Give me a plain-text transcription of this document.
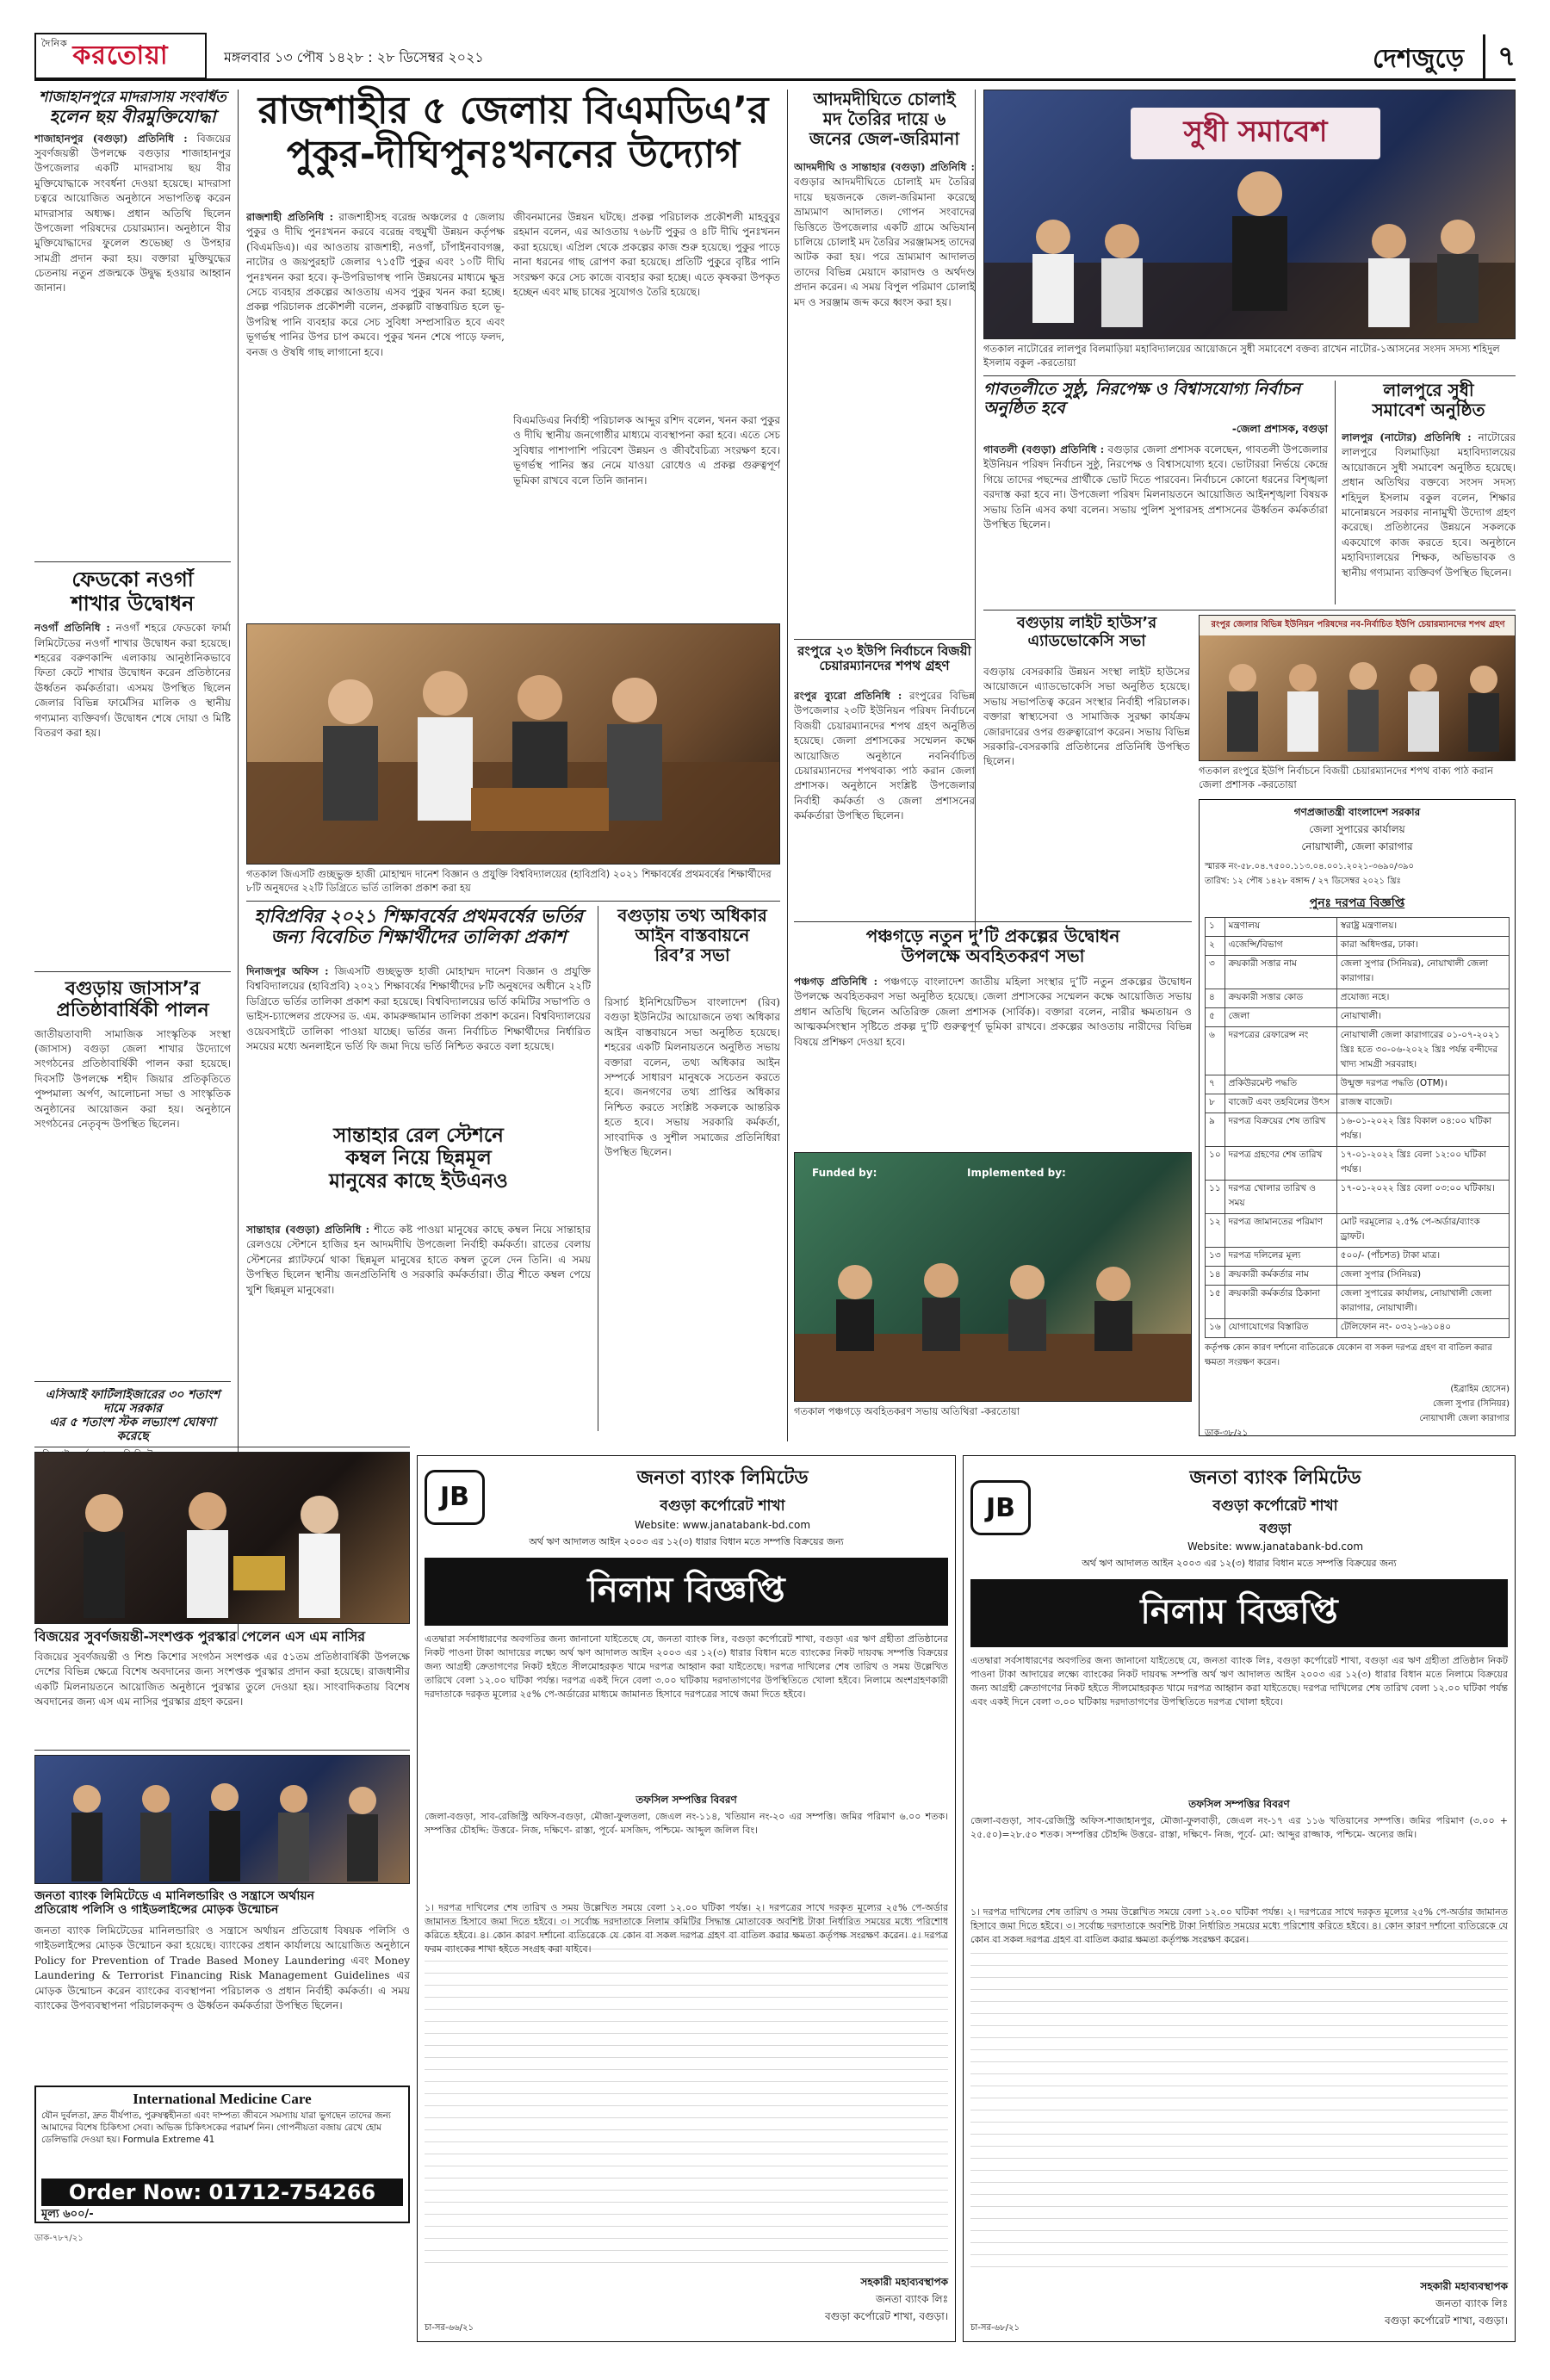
দৈনিক করতোয়া	মঙ্গলবার ১৩ পৌষ ১৪২৮ : ২৮ ডিসেম্বর ২০২১	দেশজুড়ে	৭
শাজাহানপুরে মাদরাসায় সংবর্ধিত
হলেন ছয় বীরমুক্তিযোদ্ধা
শাজাহানপুর (বগুড়া) প্রতিনিধি : বিজয়ের সুবর্ণজয়ন্তী উপলক্ষে বগুড়ার শাজাহানপুর উপজেলার একটি মাদরাসায় ছয় বীর মুক্তিযোদ্ধাকে সংবর্ধনা দেওয়া হয়েছে। মাদরাসা চত্বরে আয়োজিত অনুষ্ঠানে সভাপতিত্ব করেন মাদরাসার অধ্যক্ষ। প্রধান অতিথি ছিলেন উপজেলা পরিষদের চেয়ারম্যান। অনুষ্ঠানে বীর মুক্তিযোদ্ধাদের ফুলেল শুভেচ্ছা ও উপহার সামগ্রী প্রদান করা হয়। বক্তারা মুক্তিযুদ্ধের চেতনায় নতুন প্রজন্মকে উদ্বুদ্ধ হওয়ার আহ্বান জানান।
ফেডকো নওগাঁ
শাখার উদ্বোধন
নওগাঁ প্রতিনিধি : নওগাঁ শহরে ফেডকো ফার্মা লিমিটেডের নওগাঁ শাখার উদ্বোধন করা হয়েছে। শহরের বরুণকান্দি এলাকায় আনুষ্ঠানিকভাবে ফিতা কেটে শাখার উদ্বোধন করেন প্রতিষ্ঠানের ঊর্ধ্বতন কর্মকর্তারা। এসময় উপস্থিত ছিলেন জেলার বিভিন্ন ফার্মেসির মালিক ও স্থানীয় গণ্যমান্য ব্যক্তিবর্গ। উদ্বোধন শেষে দোয়া ও মিষ্টি বিতরণ করা হয়।
বগুড়ায় জাসাস’র
প্রতিষ্ঠাবার্ষিকী পালন
জাতীয়তাবাদী সামাজিক সাংস্কৃতিক সংস্থা (জাসাস) বগুড়া জেলা শাখার উদ্যোগে সংগঠনের প্রতিষ্ঠাবার্ষিকী পালন করা হয়েছে। দিবসটি উপলক্ষে শহীদ জিয়ার প্রতিকৃতিতে পুষ্পমাল্য অর্পণ, আলোচনা সভা ও সাংস্কৃতিক অনুষ্ঠানের আয়োজন করা হয়। অনুষ্ঠানে সংগঠনের নেতৃবৃন্দ উপস্থিত ছিলেন।
এসিআই ফার্টিলাইজারের ৩০ শতাংশ দামে সরকার
এর ৫ শতাংশ স্টক লভ্যাংশ ঘোষণা করেছে
রাজশাহীর ৫ জেলায় বিএমডিএ’র
পুকুর-দীঘিপুনঃখননের উদ্যোগ
রাজশাহী প্রতিনিধি : রাজশাহীসহ বরেন্দ্র অঞ্চলের ৫ জেলায় পুকুর ও দীঘি পুনঃখনন করবে বরেন্দ্র বহুমুখী উন্নয়ন কর্তৃপক্ষ (বিএমডিএ)। এর আওতায় রাজশাহী, নওগাঁ, চাঁপাইনবাবগঞ্জ, নাটোর ও জয়পুরহাট জেলার ৭১৫টি পুকুর এবং ১০টি দীঘি পুনঃখনন করা হবে। কৃ-উপরিভাগস্থ পানি উন্নয়নের মাধ্যমে ক্ষুদ্র সেচে ব্যবহার প্রকল্পের আওতায় এসব পুকুর খনন করা হচ্ছে। প্রকল্প পরিচালক প্রকৌশলী বলেন, প্রকল্পটি বাস্তবায়িত হলে ভূ-উপরিস্থ পানি ব্যবহার করে সেচ সুবিধা সম্প্রসারিত হবে এবং ভূগর্ভস্থ পানির উপর চাপ কমবে। পুকুর খনন শেষে পাড়ে ফলদ, বনজ ও ঔষধি গাছ লাগানো হবে।
জীবনমানের উন্নয়ন ঘটছে। প্রকল্প পরিচালক প্রকৌশলী মাহবুবুর রহমান বলেন, এর আওতায় ৭৬৮টি পুকুর ও ৪টি দীঘি পুনঃখনন করা হয়েছে। এপ্রিল থেকে প্রকল্পের কাজ শুরু হয়েছে। পুকুর পাড়ে নানা ধরনের গাছ রোপণ করা হয়েছে। প্রতিটি পুকুরে বৃষ্টির পানি সংরক্ষণ করে সেচ কাজে ব্যবহার করা হচ্ছে। এতে কৃষকরা উপকৃত হচ্ছেন এবং মাছ চাষের সুযোগও তৈরি হয়েছে।
বিএমডিএর নির্বাহী পরিচালক আব্দুর রশিদ বলেন, খনন করা পুকুর ও দীঘি স্থানীয় জনগোষ্ঠীর মাধ্যমে ব্যবস্থাপনা করা হবে। এতে সেচ সুবিধার পাশাপাশি পরিবেশ উন্নয়ন ও জীববৈচিত্র্য সংরক্ষণ হবে। ভূগর্ভস্থ পানির স্তর নেমে যাওয়া রোধেও এ প্রকল্প গুরুত্বপূর্ণ ভূমিকা রাখবে বলে তিনি জানান।
গতকাল জিএসটি গুচ্ছভুক্ত হাজী মোহাম্মদ দানেশ বিজ্ঞান ও প্রযুক্তি বিশ্ববিদ্যালয়ের (হাবিপ্রবি) ২০২১ শিক্ষাবর্ষের প্রথমবর্ষের শিক্ষার্থীদের ৮টি অনুষদের ২২টি ডিগ্রিতে ভর্তি তালিকা প্রকাশ করা হয়
হাবিপ্রবির ২০২১ শিক্ষাবর্ষের প্রথমবর্ষের ভর্তির
জন্য বিবেচিত শিক্ষার্থীদের তালিকা প্রকাশ
দিনাজপুর অফিস : জিএসটি গুচ্ছভুক্ত হাজী মোহাম্মদ দানেশ বিজ্ঞান ও প্রযুক্তি বিশ্ববিদ্যালয়ের (হাবিপ্রবি) ২০২১ শিক্ষাবর্ষের শিক্ষার্থীদের ৮টি অনুষদের অধীনে ২২টি ডিগ্রিতে ভর্তির তালিকা প্রকাশ করা হয়েছে। বিশ্ববিদ্যালয়ের ভর্তি কমিটির সভাপতি ও ভাইস-চ্যান্সেলর প্রফেসর ড. এম. কামরুজ্জামান তালিকা প্রকাশ করেন। বিশ্ববিদ্যালয়ের ওয়েবসাইটে তালিকা পাওয়া যাচ্ছে। ভর্তির জন্য নির্বাচিত শিক্ষার্থীদের নির্ধারিত সময়ের মধ্যে অনলাইনে ভর্তি ফি জমা দিয়ে ভর্তি নিশ্চিত করতে বলা হয়েছে।
সান্তাহার রেল স্টেশনে
কম্বল নিয়ে ছিন্নমূল
মানুষের কাছে ইউএনও
সান্তাহার (বগুড়া) প্রতিনিধি : শীতে কষ্ট পাওয়া মানুষের কাছে কম্বল নিয়ে সান্তাহার রেলওয়ে স্টেশনে হাজির হন আদমদীঘি উপজেলা নির্বাহী কর্মকর্তা। রাতের বেলায় স্টেশনের প্ল্যাটফর্মে থাকা ছিন্নমূল মানুষের হাতে কম্বল তুলে দেন তিনি। এ সময় উপস্থিত ছিলেন স্থানীয় জনপ্রতিনিধি ও সরকারি কর্মকর্তারা। তীব্র শীতে কম্বল পেয়ে খুশি ছিন্নমূল মানুষেরা।
বগুড়ায় তথ্য অধিকার
আইন বাস্তবায়নে
রিব’র সভা
রিসার্চ ইনিশিয়েটিভস বাংলাদেশ (রিব) বগুড়া ইউনিটের আয়োজনে তথ্য অধিকার আইন বাস্তবায়নে সভা অনুষ্ঠিত হয়েছে। শহরের একটি মিলনায়তনে অনুষ্ঠিত সভায় বক্তারা বলেন, তথ্য অধিকার আইন সম্পর্কে সাধারণ মানুষকে সচেতন করতে হবে। জনগণের তথ্য প্রাপ্তির অধিকার নিশ্চিত করতে সংশ্লিষ্ট সকলকে আন্তরিক হতে হবে। সভায় সরকারি কর্মকর্তা, সাংবাদিক ও সুশীল সমাজের প্রতিনিধিরা উপস্থিত ছিলেন।
আদমদীঘিতে চোলাই
মদ তৈরির দায়ে ৬
জনের জেল-জরিমানা
আদমদীঘি ও সান্তাহার (বগুড়া) প্রতিনিধি : বগুড়ার আদমদীঘিতে চোলাই মদ তৈরির দায়ে ছয়জনকে জেল-জরিমানা করেছে ভ্রাম্যমাণ আদালত। গোপন সংবাদের ভিত্তিতে উপজেলার একটি গ্রামে অভিযান চালিয়ে চোলাই মদ তৈরির সরঞ্জামসহ তাদের আটক করা হয়। পরে ভ্রাম্যমাণ আদালত তাদের বিভিন্ন মেয়াদে কারাদণ্ড ও অর্থদণ্ড প্রদান করেন। এ সময় বিপুল পরিমাণ চোলাই মদ ও সরঞ্জাম জব্দ করে ধ্বংস করা হয়।
রংপুরে ২৩ ইউপি নির্বাচনে বিজয়ী
চেয়ারম্যানদের শপথ গ্রহণ
রংপুর ব্যুরো প্রতিনিধি : রংপুরের বিভিন্ন উপজেলার ২৩টি ইউনিয়ন পরিষদ নির্বাচনে বিজয়ী চেয়ারম্যানদের শপথ গ্রহণ অনুষ্ঠিত হয়েছে। জেলা প্রশাসকের সম্মেলন কক্ষে আয়োজিত অনুষ্ঠানে নবনির্বাচিত চেয়ারম্যানদের শপথবাক্য পাঠ করান জেলা প্রশাসক। অনুষ্ঠানে সংশ্লিষ্ট উপজেলার নির্বাহী কর্মকর্তা ও জেলা প্রশাসনের কর্মকর্তারা উপস্থিত ছিলেন।
সুধী সমাবেশ
গতকাল নাটোরের লালপুর বিলমাড়িয়া মহাবিদ্যালয়ের আয়োজনে সুধী সমাবেশে বক্তব্য রাখেন নাটোর-১আসনের সংসদ সদস্য শহিদুল ইসলাম বকুল -করতোয়া
গাবতলীতে সুষ্ঠু, নিরপেক্ষ ও বিশ্বাসযোগ্য নির্বাচন অনুষ্ঠিত হবে
-জেলা প্রশাসক, বগুড়া
গাবতলী (বগুড়া) প্রতিনিধি : বগুড়ার জেলা প্রশাসক বলেছেন, গাবতলী উপজেলার ইউনিয়ন পরিষদ নির্বাচন সুষ্ঠু, নিরপেক্ষ ও বিশ্বাসযোগ্য হবে। ভোটাররা নির্ভয়ে কেন্দ্রে গিয়ে তাদের পছন্দের প্রার্থীকে ভোট দিতে পারবেন। নির্বাচনে কোনো ধরনের বিশৃঙ্খলা বরদাস্ত করা হবে না। উপজেলা পরিষদ মিলনায়তনে আয়োজিত আইনশৃঙ্খলা বিষয়ক সভায় তিনি এসব কথা বলেন। সভায় পুলিশ সুপারসহ প্রশাসনের ঊর্ধ্বতন কর্মকর্তারা উপস্থিত ছিলেন।
লালপুরে সুধী
সমাবেশ অনুষ্ঠিত
লালপুর (নাটোর) প্রতিনিধি : নাটোরের লালপুরে বিলমাড়িয়া মহাবিদ্যালয়ের আয়োজনে সুধী সমাবেশ অনুষ্ঠিত হয়েছে। প্রধান অতিথির বক্তব্যে সংসদ সদস্য শহিদুল ইসলাম বকুল বলেন, শিক্ষার মানোন্নয়নে সরকার নানামুখী উদ্যোগ গ্রহণ করেছে। প্রতিষ্ঠানের উন্নয়নে সকলকে একযোগে কাজ করতে হবে। অনুষ্ঠানে মহাবিদ্যালয়ের শিক্ষক, অভিভাবক ও স্থানীয় গণ্যমান্য ব্যক্তিবর্গ উপস্থিত ছিলেন।
বগুড়ায় লাইট হাউস’র
এ্যাডভোকেসি সভা
বগুড়ায় বেসরকারি উন্নয়ন সংস্থা লাইট হাউসের আয়োজনে এ্যাডভোকেসি সভা অনুষ্ঠিত হয়েছে। সভায় সভাপতিত্ব করেন সংস্থার নির্বাহী পরিচালক। বক্তারা স্বাস্থ্যসেবা ও সামাজিক সুরক্ষা কার্যক্রম জোরদারের ওপর গুরুত্বারোপ করেন। সভায় বিভিন্ন সরকারি-বেসরকারি প্রতিষ্ঠানের প্রতিনিধি উপস্থিত ছিলেন।
রংপুর জেলার বিভিন্ন ইউনিয়ন পরিষদের নব-নির্বাচিত ইউপি চেয়ারম্যানদের শপথ গ্রহণ
গতকাল রংপুরে ইউপি নির্বাচনে বিজয়ী চেয়ারম্যানদের শপথ বাক্য পাঠ করান জেলা প্রশাসক -করতোয়া
গণপ্রজাতন্ত্রী বাংলাদেশ সরকার
জেলা সুপারের কার্যালয়
নোয়াখালী, জেলা কারাগার
স্মারক নং-৫৮.০৪.৭৫০০.১১৩.০৪.০০১.২০২১-৩৬৯০/৩৯০
তারিখ: ১২ পৌষ ১৪২৮ বঙ্গাব্দ / ২৭ ডিসেম্বর ২০২১ খ্রিঃ
পুনঃ দরপত্র বিজ্ঞপ্তি
১	মন্ত্রণালয়	স্বরাষ্ট্র মন্ত্রণালয়।
২	এজেন্সি/বিভাগ	কারা অধিদপ্তর, ঢাকা।
৩	ক্রয়কারী সত্তার নাম	জেলা সুপার (সিনিয়র), নোয়াখালী জেলা কারাগার।
৪	ক্রয়কারী সত্তার কোড	প্রযোজ্য নহে।
৫	জেলা	নোয়াখালী।
৬	দরপত্রের রেফারেন্স নং	নোয়াখালী জেলা কারাগারের ০১-০৭-২০২১ খ্রিঃ হতে ৩০-০৬-২০২২ খ্রিঃ পর্যন্ত বন্দীদের খাদ্য সামগ্রী সরবরাহ।
৭	প্রকিউরমেন্ট পদ্ধতি	উন্মুক্ত দরপত্র পদ্ধতি (OTM)।
৮	বাজেট এবং তহবিলের উৎস	রাজস্ব বাজেট।
৯	দরপত্র বিক্রয়ের শেষ তারিখ	১৬-০১-২০২২ খ্রিঃ বিকাল ০৪:০০ ঘটিকা পর্যন্ত।
১০	দরপত্র গ্রহণের শেষ তারিখ	১৭-০১-২০২২ খ্রিঃ বেলা ১২:০০ ঘটিকা পর্যন্ত।
১১	দরপত্র খোলার তারিখ ও সময়	১৭-০১-২০২২ খ্রিঃ বেলা ০৩:০০ ঘটিকায়।
১২	দরপত্র জামানতের পরিমাণ	মোট দরমূল্যের ২.৫% পে-অর্ডার/ব্যাংক ড্রাফট।
১৩	দরপত্র দলিলের মূল্য	৫০০/- (পাঁচশত) টাকা মাত্র।
১৪	ক্রয়কারী কর্মকর্তার নাম	জেলা সুপার (সিনিয়র)
১৫	ক্রয়কারী কর্মকর্তার ঠিকানা	জেলা সুপারের কার্যালয়, নোয়াখালী জেলা কারাগার, নোয়াখালী।
১৬	যোগাযোগের বিস্তারিত	টেলিফোন নং- ০৩২১-৬১০৪০
কর্তৃপক্ষ কোন কারণ দর্শানো ব্যতিরেকে যেকোন বা সকল দরপত্র গ্রহণ বা বাতিল করার ক্ষমতা সংরক্ষণ করেন।
(ইব্রাহিম হোসেন)
জেলা সুপার (সিনিয়র)
নোয়াখালী জেলা কারাগার
ডাক-৩৮/২১
পঞ্চগড়ে নতুন দু’টি প্রকল্পের উদ্বোধন
উপলক্ষে অবহিতকরণ সভা
পঞ্চগড় প্রতিনিধি : পঞ্চগড়ে বাংলাদেশ জাতীয় মহিলা সংস্থার দু’টি নতুন প্রকল্পের উদ্বোধন উপলক্ষে অবহিতকরণ সভা অনুষ্ঠিত হয়েছে। জেলা প্রশাসকের সম্মেলন কক্ষে আয়োজিত সভায় প্রধান অতিথি ছিলেন অতিরিক্ত জেলা প্রশাসক (সার্বিক)। বক্তারা বলেন, নারীর ক্ষমতায়ন ও আত্মকর্মসংস্থান সৃষ্টিতে প্রকল্প দু’টি গুরুত্বপূর্ণ ভূমিকা রাখবে। প্রকল্পের আওতায় নারীদের বিভিন্ন বিষয়ে প্রশিক্ষণ দেওয়া হবে।
Funded by:	Implemented by:
গতকাল পঞ্চগড়ে অবহিতকরণ সভায় অতিথিরা -করতোয়া
বিজয়ের সুবর্ণজয়ন্তী-সংশপ্তক পুরস্কার পেলেন এস এম নাসির
বিজয়ের সুবর্ণজয়ন্তী ও শিশু কিশোর সংগঠন সংশপ্তক এর ৫১তম প্রতিষ্ঠাবার্ষিকী উপলক্ষে দেশের বিভিন্ন ক্ষেত্রে বিশেষ অবদানের জন্য সংশপ্তক পুরস্কার প্রদান করা হয়েছে। রাজধানীর একটি মিলনায়তনে আয়োজিত অনুষ্ঠানে পুরস্কার তুলে দেওয়া হয়। সাংবাদিকতায় বিশেষ অবদানের জন্য এস এম নাসির পুরস্কার গ্রহণ করেন।
জনতা ব্যাংক লিমিটেডে এ মানিলন্ডারিং ও সন্ত্রাসে অর্থায়ন
প্রতিরোধ পলিসি ও গাইডলাইন্সের মোড়ক উন্মোচন
জনতা ব্যাংক লিমিটেডের মানিলন্ডারিং ও সন্ত্রাসে অর্থায়ন প্রতিরোধ বিষয়ক পলিসি ও গাইডলাইন্সের মোড়ক উন্মোচন করা হয়েছে। ব্যাংকের প্রধান কার্যালয়ে আয়োজিত অনুষ্ঠানে Policy for Prevention of Trade Based Money Laundering এবং Money Laundering & Terrorist Financing Risk Management Guidelines এর মোড়ক উন্মোচন করেন ব্যাংকের ব্যবস্থাপনা পরিচালক ও প্রধান নির্বাহী কর্মকর্তা। এ সময় ব্যাংকের উপব্যবস্থাপনা পরিচালকবৃন্দ ও ঊর্ধ্বতন কর্মকর্তারা উপস্থিত ছিলেন।
International Medicine Care
যৌন দুর্বলতা, দ্রুত বীর্যপাত, পুরুষত্বহীনতা এবং দাম্পত্য জীবনে সমস্যায় যারা ভুগছেন তাদের জন্য আমাদের বিশেষ চিকিৎসা সেবা। অভিজ্ঞ চিকিৎসকের পরামর্শ নিন। গোপনীয়তা বজায় রেখে হোম ডেলিভারি দেওয়া হয়। Formula Extreme 41
Order Now: 01712-754266
মূল্য ৬০০/-
ডাক-৭৮৭/২১
JB
জনতা ব্যাংক লিমিটেড
বগুড়া কর্পোরেট শাখা
Website: www.janatabank-bd.com
অর্থ ঋণ আদালত আইন ২০০৩ এর ১২(৩) ধারার বিধান মতে সম্পত্তি বিক্রয়ের জন্য
নিলাম বিজ্ঞপ্তি
এতদ্বারা সর্বসাধারণের অবগতির জন্য জানানো যাইতেছে যে, জনতা ব্যাংক লিঃ, বগুড়া কর্পোরেট শাখা, বগুড়া এর ঋণ গ্রহীতা প্রতিষ্ঠানের নিকট পাওনা টাকা আদায়ের লক্ষ্যে অর্থ ঋণ আদালত আইন ২০০৩ এর ১২(৩) ধারার বিধান মতে ব্যাংকের নিকট দায়বদ্ধ সম্পত্তি বিক্রয়ের জন্য আগ্রহী ক্রেতাগণের নিকট হইতে সীলমোহরকৃত খামে দরপত্র আহ্বান করা যাইতেছে। দরপত্র দাখিলের শেষ তারিখ ও সময় উল্লেখিত তারিখে বেলা ১২.০০ ঘটিকা পর্যন্ত। দরপত্র একই দিনে বেলা ৩.০০ ঘটিকায় দরদাতাগণের উপস্থিতিতে খোলা হইবে। নিলামে অংশগ্রহণকারী দরদাতাকে দরকৃত মূল্যের ২৫% পে-অর্ডারের মাধ্যমে জামানত হিসাবে দরপত্রের সাথে জমা দিতে হইবে।
তফসিল সম্পত্তির বিবরণ
জেলা-বগুড়া, সাব-রেজিস্ট্রি অফিস-বগুড়া, মৌজা-ফুলতলা, জেএল নং-১১৪, খতিয়ান নং-২০ এর সম্পত্তি। জমির পরিমাণ ৬.০০ শতক। সম্পত্তির চৌহদ্দি: উত্তরে- নিজ, দক্ষিণে- রাস্তা, পূর্বে- মসজিদ, পশ্চিমে- আব্দুল জলিল বিং।
১। দরপত্র দাখিলের শেষ তারিখ ও সময় উল্লেখিত সময়ে বেলা ১২.০০ ঘটিকা পর্যন্ত। ২। দরপত্রের সাথে দরকৃত মূল্যের ২৫% পে-অর্ডার জামানত হিসাবে জমা দিতে হইবে। ৩। সর্বোচ্চ দরদাতাকে নিলাম কমিটির সিদ্ধান্ত মোতাবেক অবশিষ্ট টাকা নির্ধারিত সময়ের মধ্যে পরিশোধ করিতে হইবে। ৪। কোন কারণ দর্শানো ব্যতিরেকে যে কোন বা সকল দরপত্র গ্রহণ বা বাতিল করার ক্ষমতা কর্তৃপক্ষ সংরক্ষণ করেন। ৫। দরপত্র ফরম ব্যাংকের শাখা হইতে সংগ্রহ করা যাইবে।
সহকারী মহাব্যবস্থাপক
জনতা ব্যাংক লিঃ
বগুড়া কর্পোরেট শাখা, বগুড়া।
চা-সর-৬৬/২১
JB
জনতা ব্যাংক লিমিটেড
বগুড়া কর্পোরেট শাখা
বগুড়া
Website: www.janatabank-bd.com
অর্থ ঋণ আদালত আইন ২০০৩ এর ১২(৩) ধারার বিধান মতে সম্পত্তি বিক্রয়ের জন্য
নিলাম বিজ্ঞপ্তি
এতদ্বারা সর্বসাধারণের অবগতির জন্য জানানো যাইতেছে যে, জনতা ব্যাংক লিঃ, বগুড়া কর্পোরেট শাখা, বগুড়া এর ঋণ গ্রহীতা প্রতিষ্ঠান নিকট পাওনা টাকা আদায়ের লক্ষ্যে ব্যাংকের নিকট দায়বদ্ধ সম্পত্তি অর্থ ঋণ আদালত আইন ২০০৩ এর ১২(৩) ধারার বিধান মতে নিলামে বিক্রয়ের জন্য আগ্রহী ক্রেতাগণের নিকট হইতে সীলমোহরকৃত খামে দরপত্র আহ্বান করা যাইতেছে। দরপত্র দাখিলের শেষ তারিখ বেলা ১২.০০ ঘটিকা পর্যন্ত এবং একই দিনে বেলা ৩.০০ ঘটিকায় দরদাতাগণের উপস্থিতিতে দরপত্র খোলা হইবে।
তফসিল সম্পত্তির বিবরণ
জেলা-বগুড়া, সাব-রেজিস্ট্রি অফিস-শাজাহানপুর, মৌজা-ফুলবাড়ী, জেএল নং-১৭ এর ১১৬ খতিয়ানের সম্পত্তি। জমির পরিমাণ (৩.০০ + ২৫.৫০)=২৮.৫০ শতক। সম্পত্তির চৌহদ্দি উত্তরে- রাস্তা, দক্ষিণে- নিজ, পূর্বে- মো: আব্দুর রাজ্জাক, পশ্চিমে- অন্যের জমি।
১। দরপত্র দাখিলের শেষ তারিখ ও সময় উল্লেখিত সময়ে বেলা ১২.০০ ঘটিকা পর্যন্ত। ২। দরপত্রের সাথে দরকৃত মূল্যের ২৫% পে-অর্ডার জামানত হিসাবে জমা দিতে হইবে। ৩। সর্বোচ্চ দরদাতাকে অবশিষ্ট টাকা নির্ধারিত সময়ের মধ্যে পরিশোধ করিতে হইবে। ৪। কোন কারণ দর্শানো ব্যতিরেকে যে কোন বা সকল দরপত্র গ্রহণ বা বাতিল করার ক্ষমতা কর্তৃপক্ষ সংরক্ষণ করেন।
সহকারী মহাব্যবস্থাপক
জনতা ব্যাংক লিঃ
বগুড়া কর্পোরেট শাখা, বগুড়া।
চা-সর-৬৮/২১
